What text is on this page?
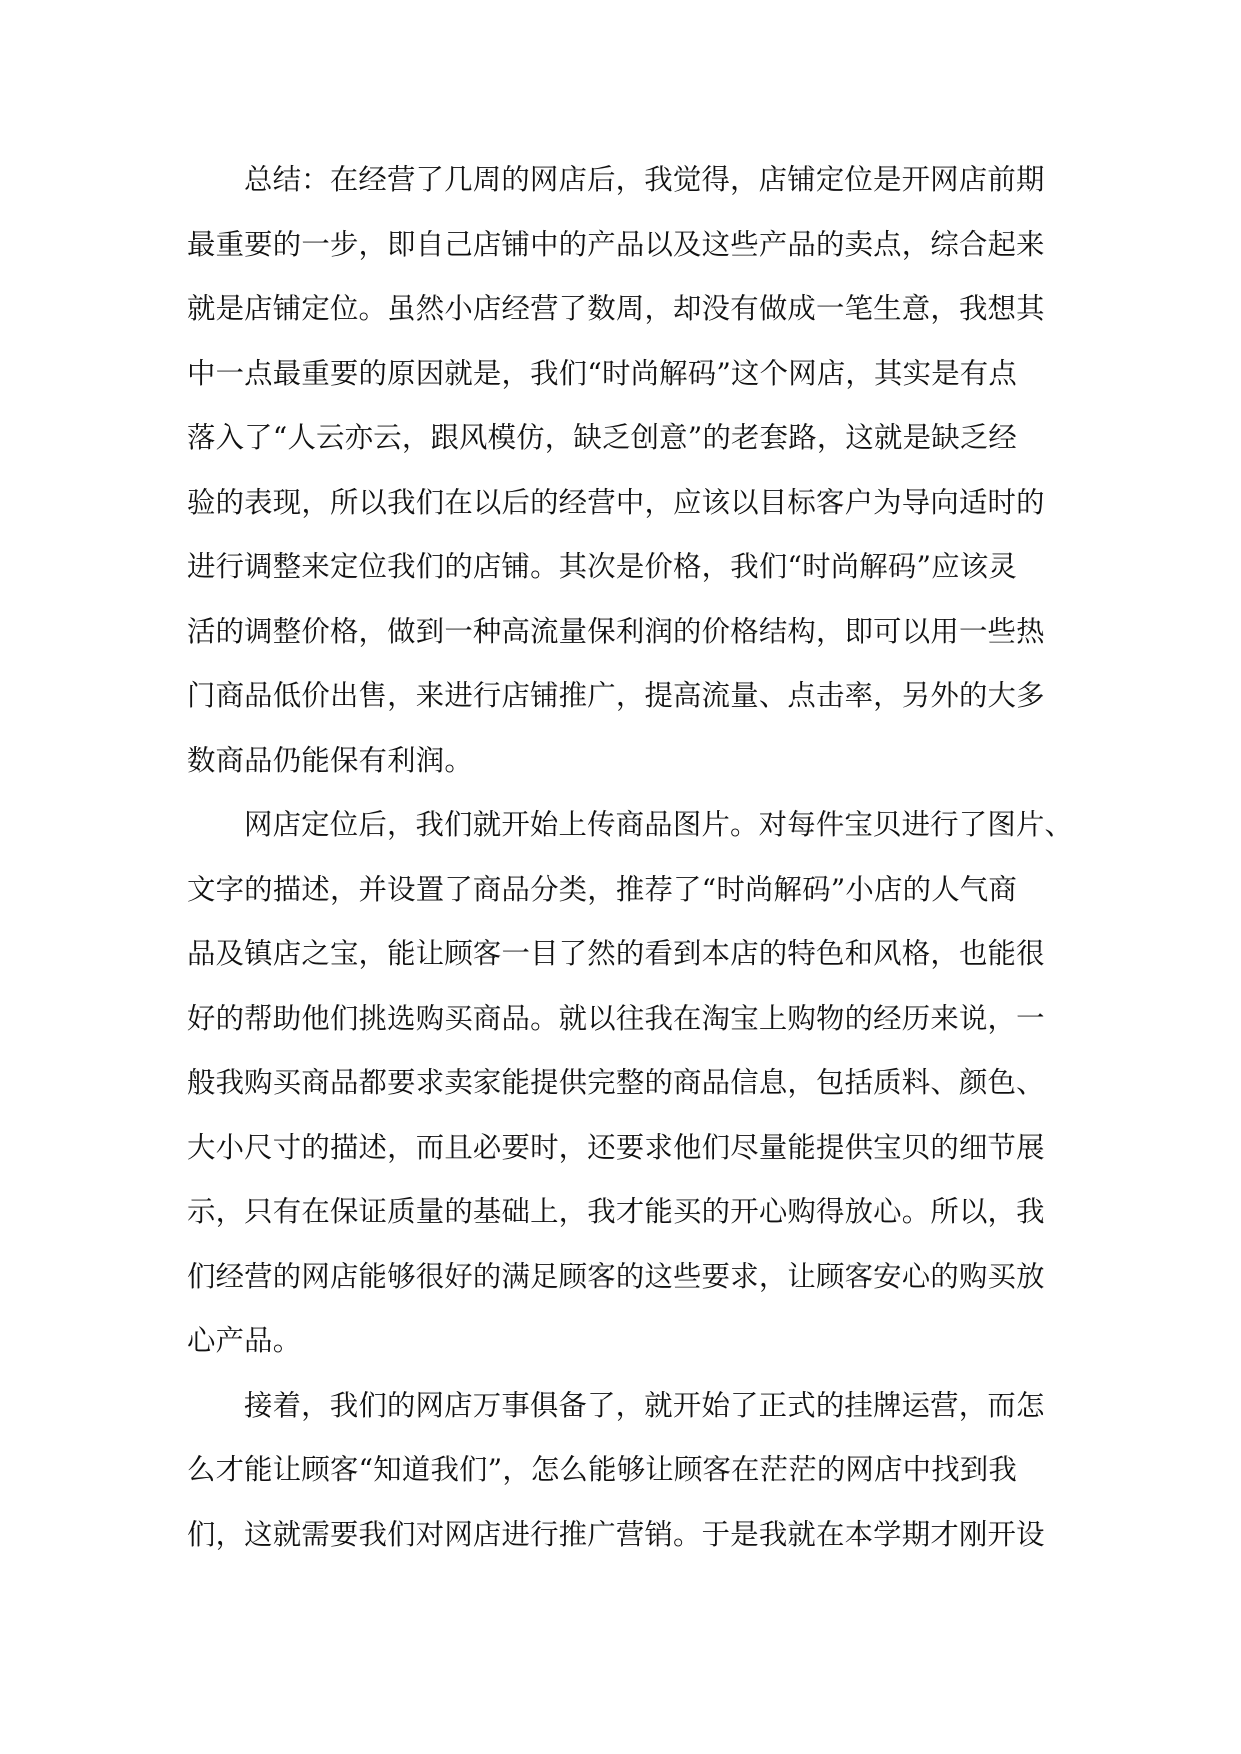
总结：在经营了几周的网店后，我觉得，店铺定位是开网店前期
最重要的一步，即自己店铺中的产品以及这些产品的卖点，综合起来
就是店铺定位。虽然小店经营了数周，却没有做成一笔生意，我想其
中一点最重要的原因就是，我们“时尚解码”这个网店，其实是有点
落入了“人云亦云，跟风模仿，缺乏创意”的老套路，这就是缺乏经
验的表现，所以我们在以后的经营中，应该以目标客户为导向适时的
进行调整来定位我们的店铺。其次是价格，我们“时尚解码”应该灵
活的调整价格，做到一种高流量保利润的价格结构，即可以用一些热
门商品低价出售，来进行店铺推广，提高流量、点击率，另外的大多
数商品仍能保有利润。
网店定位后，我们就开始上传商品图片。对每件宝贝进行了图片、
文字的描述，并设置了商品分类，推荐了“时尚解码”小店的人气商
品及镇店之宝，能让顾客一目了然的看到本店的特色和风格，也能很
好的帮助他们挑选购买商品。就以往我在淘宝上购物的经历来说，一
般我购买商品都要求卖家能提供完整的商品信息，包括质料、颜色、
大小尺寸的描述，而且必要时，还要求他们尽量能提供宝贝的细节展
示，只有在保证质量的基础上，我才能买的开心购得放心。所以，我
们经营的网店能够很好的满足顾客的这些要求，让顾客安心的购买放
心产品。
接着，我们的网店万事俱备了，就开始了正式的挂牌运营，而怎
么才能让顾客“知道我们”，怎么能够让顾客在茫茫的网店中找到我
们，这就需要我们对网店进行推广营销。于是我就在本学期才刚开设
